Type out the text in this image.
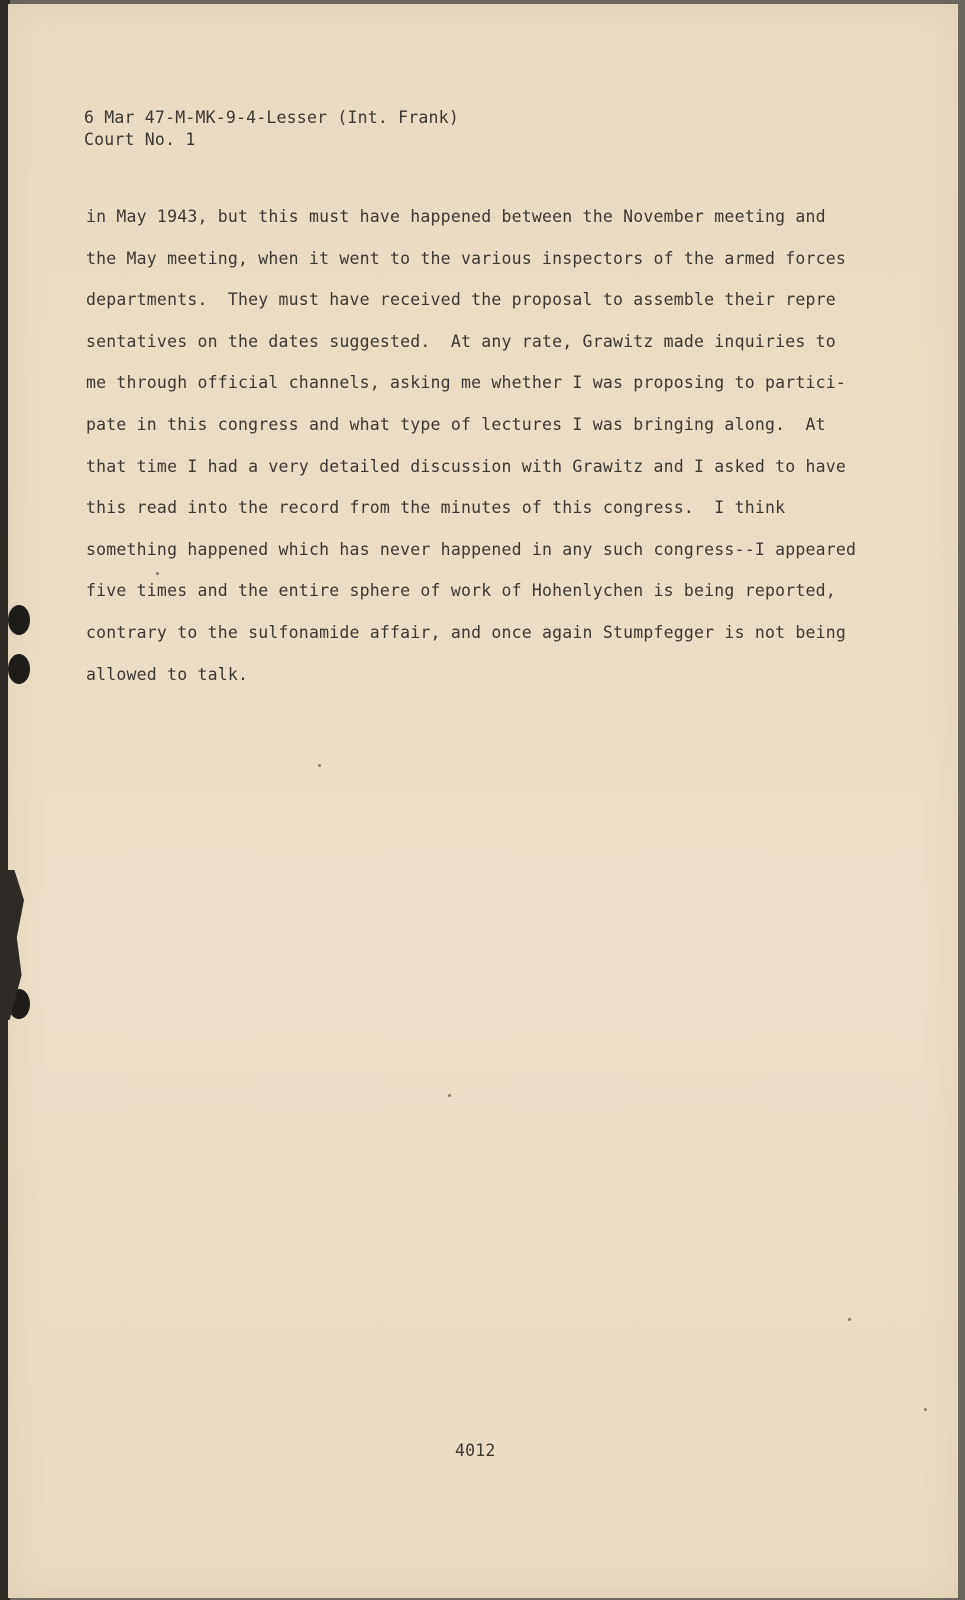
6 Mar 47-M-MK-9-4-Lesser (Int. Frank)
Court No. 1
in May 1943, but this must have happened between the November meeting and
the May meeting, when it went to the various inspectors of the armed forces
departments.  They must have received the proposal to assemble their repre
sentatives on the dates suggested.  At any rate, Grawitz made inquiries to
me through official channels, asking me whether I was proposing to partici-
pate in this congress and what type of lectures I was bringing along.  At
that time I had a very detailed discussion with Grawitz and I asked to have
this read into the record from the minutes of this congress.  I think
something happened which has never happened in any such congress--I appeared
five times and the entire sphere of work of Hohenlychen is being reported,
contrary to the sulfonamide affair, and once again Stumpfegger is not being
allowed to talk.
4012
